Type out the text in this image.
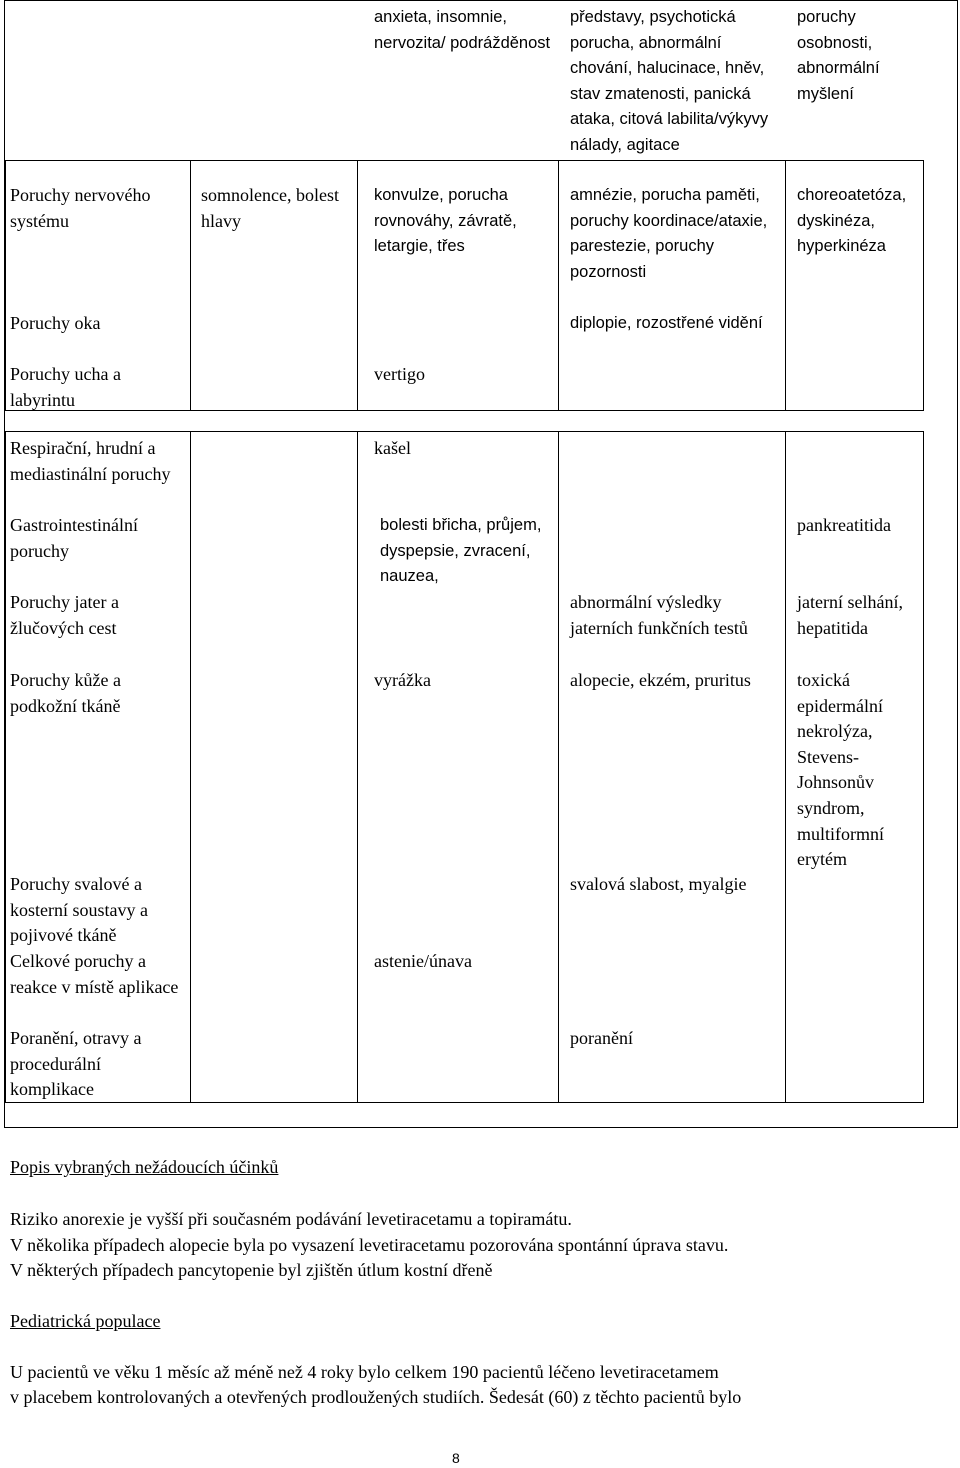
Poruchy nervového systému
Poruchy oka
Poruchy ucha a labyrintu
somnolence, bolest hlavy
anxieta, insomnie, nervozita/ podrážděnost
konvulze, porucha rovnováhy, závratě, letargie, třes
vertigo
představy, psychotická porucha, abnormální chování, halucinace, hněv, stav zmatenosti, panická ataka, citová labilita/výkyvy nálady, agitace
amnézie, porucha paměti, poruchy koordinace/ataxie, parestezie, poruchy pozornosti
diplopie, rozostřené vidění
poruchy osobnosti, abnormální myšlení
choreoatetóza, dyskinéza, hyperkinéza
Respirační, hrudní a mediastinální poruchy
Gastrointestinální poruchy
Poruchy jater a žlučových cest
Poruchy kůže a podkožní tkáně
Poruchy svalové a kosterní soustavy a pojivové tkáně
Celkové poruchy a reakce v místě aplikace
Poranění, otravy a procedurální komplikace
kašel
bolesti břicha, průjem, dyspepsie, zvracení, nauzea,
vyrážka
astenie/únava
abnormální výsledky jaterních funkčních testů
alopecie, ekzém, pruritus
svalová slabost, myalgie
poranění
pankreatitida
jaterní selhání, hepatitida
toxická epidermální nekrolýza, Stevens-Johnsonův syndrom, multiformní erytém
Popis vybraných nežádoucích účinků
Riziko anorexie je vyšší při současném podávání levetiracetamu a topiramátu.
V několika případech alopecie byla po vysazení levetiracetamu pozorována spontánní úprava stavu.
V některých případech pancytopenie byl zjištěn útlum kostní dřeně
Pediatrická populace
U pacientů ve věku 1 měsíc až méně než 4 roky bylo celkem 190 pacientů léčeno levetiracetamem
v placebem kontrolovaných a otevřených prodloužených studiích. Šedesát (60) z těchto pacientů bylo
8
